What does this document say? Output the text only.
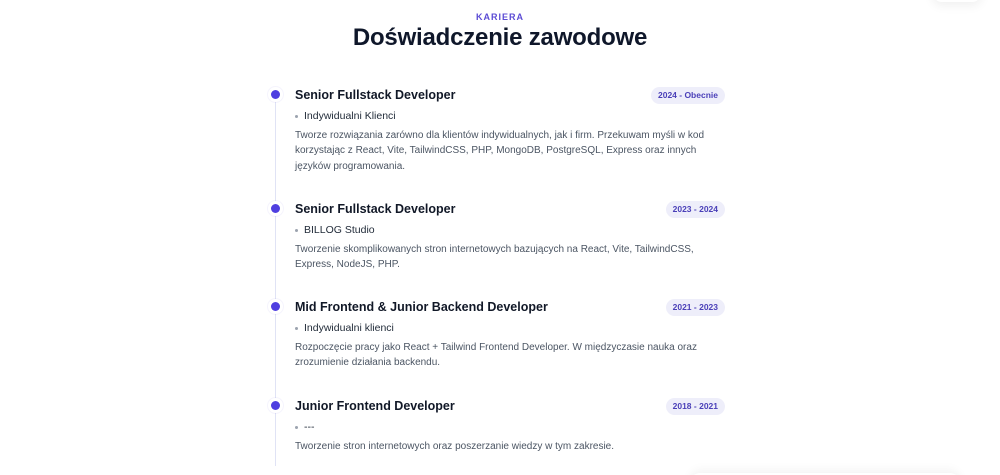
KARIERA
Doświadczenie zawodowe
Senior Fullstack Developer	2024 - Obecnie
Indywidualni Klienci

Tworze rozwiązania zarówno dla klientów indywidualnych, jak i firm. Przekuwam myśli w kod korzystając z React, Vite, TailwindCSS, PHP, MongoDB, PostgreSQL, Express oraz innych języków programowania.

Senior Fullstack Developer	2023 - 2024
BILLOG Studio

Tworzenie skomplikowanych stron internetowych bazujących na React, Vite, TailwindCSS, Express, NodeJS, PHP.

Mid Frontend & Junior Backend Developer	2021 - 2023
Indywidualni klienci

Rozpoczęcie pracy jako React + Tailwind Frontend Developer. W międzyczasie nauka oraz zrozumienie działania backendu.

Junior Frontend Developer	2018 - 2021
---

Tworzenie stron internetowych oraz poszerzanie wiedzy w tym zakresie.
